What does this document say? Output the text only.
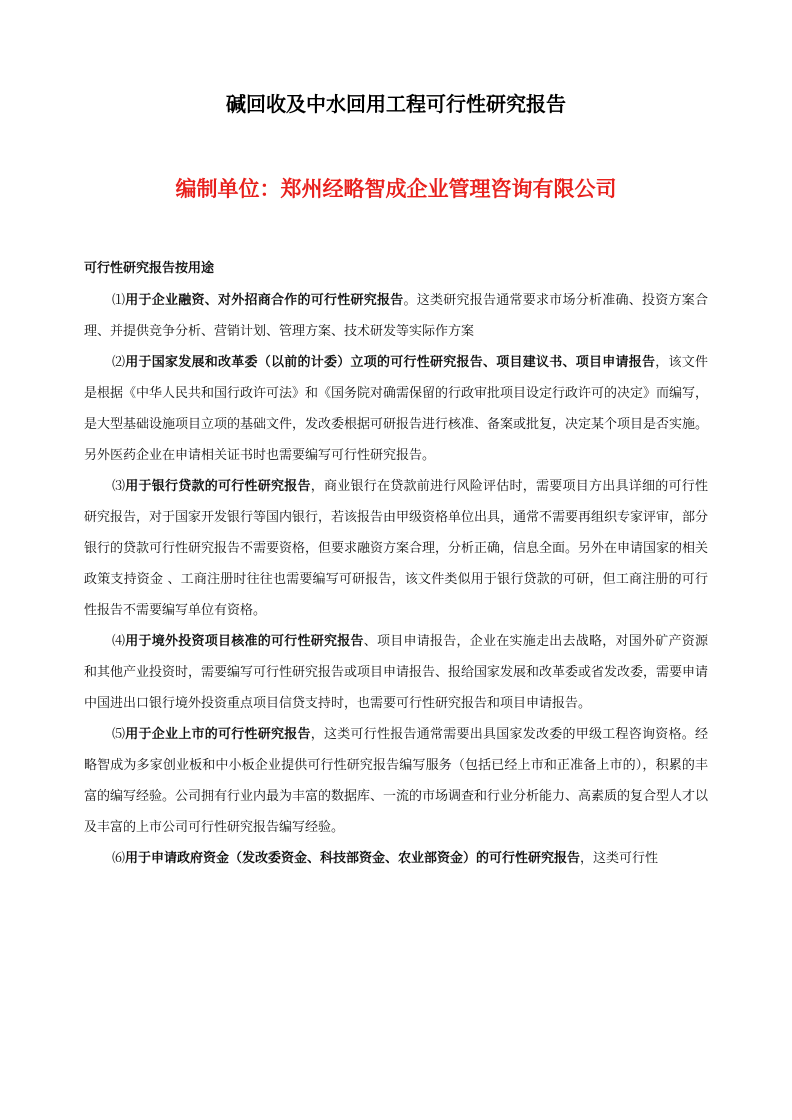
碱回收及中水回用工程可行性研究报告
编制单位：郑州经略智成企业管理咨询有限公司
可行性研究报告按用途

⑴用于企业融资、对外招商合作的可行性研究报告。这类研究报告通常要求市场分析准确、投资方案合理、并提供竞争分析、营销计划、管理方案、技术研发等实际作方案

⑵用于国家发展和改革委（以前的计委）立项的可行性研究报告、项目建议书、项目申请报告，该文件是根据《中华人民共和国行政许可法》和《国务院对确需保留的行政审批项目设定行政许可的决定》而编写，是大型基础设施项目立项的基础文件，发改委根据可研报告进行核准、备案或批复，决定某个项目是否实施。另外医药企业在申请相关证书时也需要编写可行性研究报告。

⑶用于银行贷款的可行性研究报告，商业银行在贷款前进行风险评估时，需要项目方出具详细的可行性研究报告，对于国家开发银行等国内银行，若该报告由甲级资格单位出具，通常不需要再组织专家评审，部分银行的贷款可行性研究报告不需要资格，但要求融资方案合理，分析正确，信息全面。另外在申请国家的相关政策支持资金 、工商注册时往往也需要编写可研报告，该文件类似用于银行贷款的可研，但工商注册的可行性报告不需要编写单位有资格。

⑷用于境外投资项目核准的可行性研究报告、项目申请报告，企业在实施走出去战略，对国外矿产资源和其他产业投资时，需要编写可行性研究报告或项目申请报告、报给国家发展和改革委或省发改委，需要申请中国进出口银行境外投资重点项目信贷支持时，也需要可行性研究报告和项目申请报告。

⑸用于企业上市的可行性研究报告，这类可行性报告通常需要出具国家发改委的甲级工程咨询资格。经略智成为多家创业板和中小板企业提供可行性研究报告编写服务（包括已经上市和正准备上市的），积累的丰富的编写经验。公司拥有行业内最为丰富的数据库、一流的市场调查和行业分析能力、高素质的复合型人才以及丰富的上市公司可行性研究报告编写经验。

⑹用于申请政府资金（发改委资金、科技部资金、农业部资金）的可行性研究报告，这类可行性
